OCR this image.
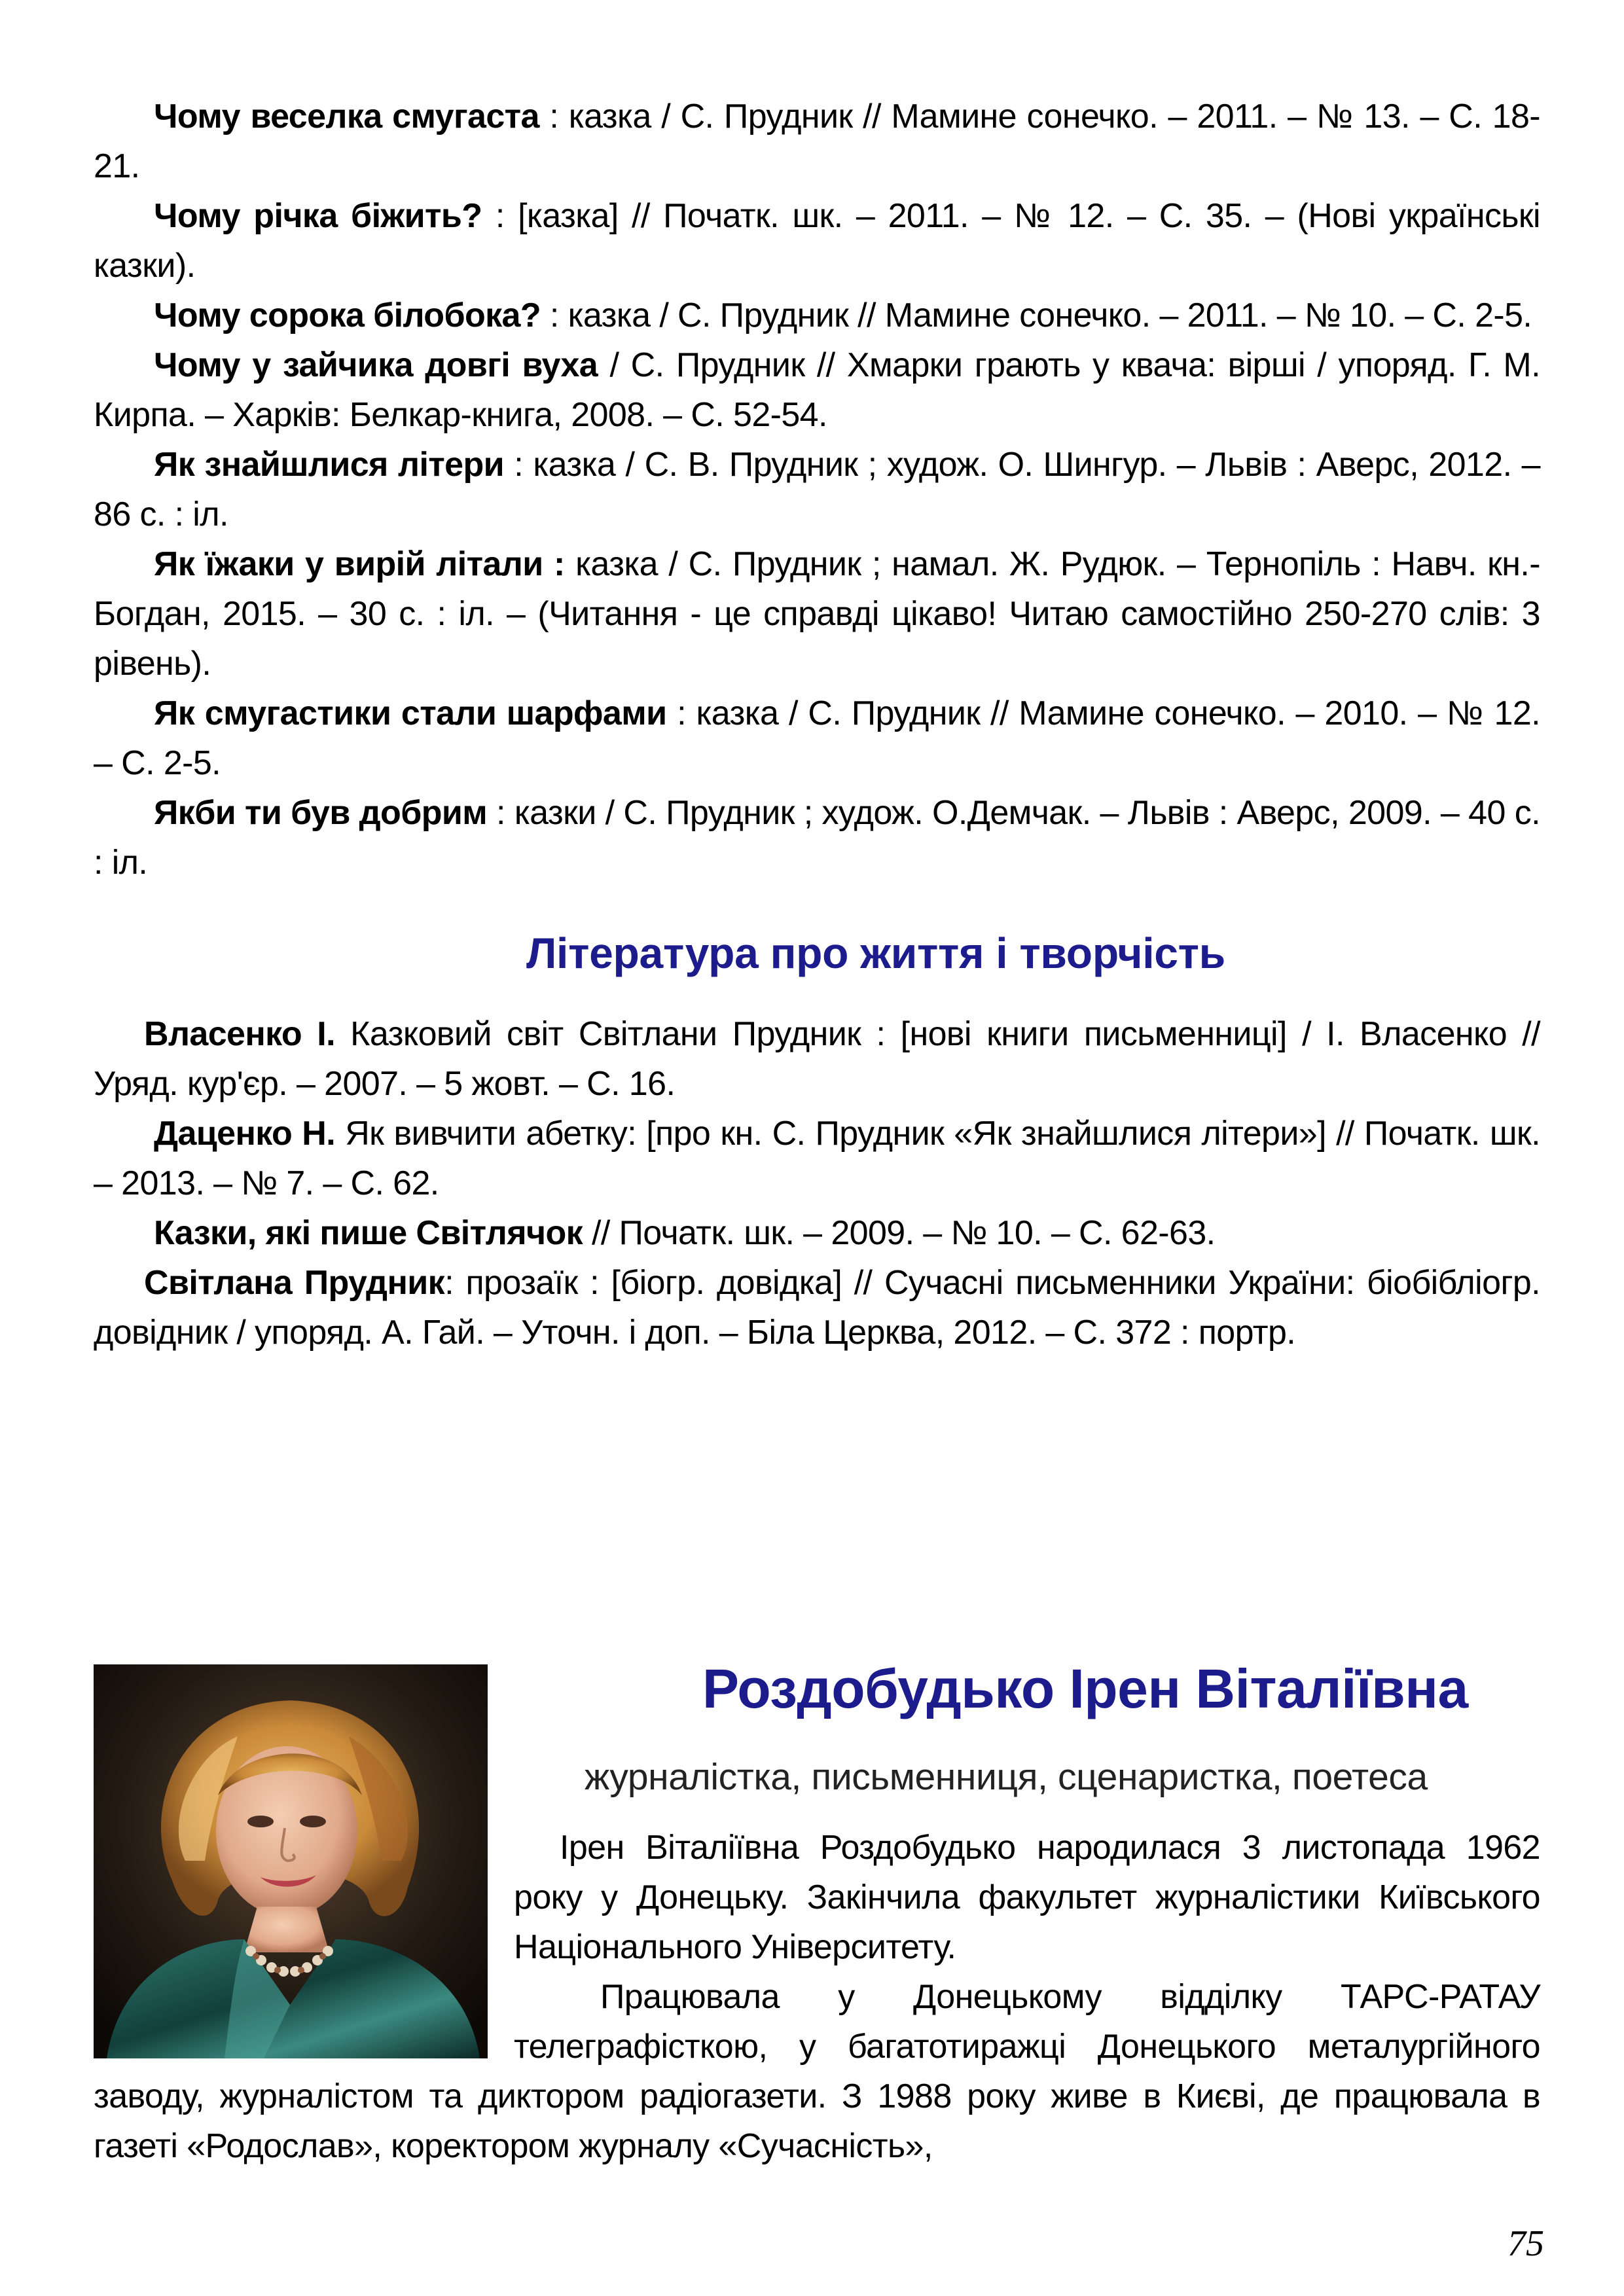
Чому веселка смугаста : казка / С. Прудник // Мамине сонечко. – 2011. – № 13. – С. 18-21.

Чому річка біжить? : [казка] // Початк. шк. – 2011. – № 12. – С. 35. – (Нові українські казки).

Чому сорока білобока? : казка / С. Прудник // Мамине сонечко. – 2011. – № 10. – С. 2-5.

Чому у зайчика довгі вуха / С. Прудник // Хмарки грають у квача: вірші / упоряд. Г. М. Кирпа. – Харків: Белкар-книга, 2008. – С. 52-54.

Як знайшлися літери : казка / С. В. Прудник ; худож. О. Шингур. – Львів : Аверс, 2012. – 86 с. : іл.

Як їжаки у вирій літали : казка / С. Прудник ; намал. Ж. Рудюк. – Тернопіль : Навч. кн.-Богдан, 2015. – 30 с. : іл. – (Читання - це справді цікаво! Читаю самостійно 250-270 слів: 3 рівень).

Як смугастики стали шарфами : казка / С. Прудник // Мамине сонечко. – 2010. – № 12. – С. 2-5.

Якби ти був добрим : казки / С. Прудник ; худож. О.Демчак. – Львів : Аверс, 2009. – 40 с. : іл.

Література про життя і творчість

Власенко І. Казковий світ Світлани Прудник : [нові книги письменниці] / І. Власенко // Уряд. кур'єр. – 2007. – 5 жовт. – С. 16.

Даценко Н. Як вивчити абетку: [про кн. С. Прудник «Як знайшлися літери»] // Початк. шк. – 2013. – № 7. – С. 62.

Казки, які пише Світлячок // Початк. шк. – 2009. – № 10. – С. 62-63.

Світлана Прудник: прозаїк : [біогр. довідка] // Сучасні письменники України: біобібліогр. довідник / упоряд. А. Гай. – Уточн. і доп. – Біла Церква, 2012. – С. 372 : портр.

Роздобудько Ірен Віталіївна
журналістка, письменниця, сценаристка, поетеса

Ірен Віталіївна Роздобудько народилася 3 листопада 1962 року у Донецьку. Закінчила факультет журналістики Київського Національного Університету.

Працювала у Донецькому відділку ТАРС-РАТАУ телеграфісткою, у багатотиражці Донецького металургійного заводу, журналістом та диктором радіогазети. З 1988 року живе в Києві, де працювала в газеті «Родослав», коректором журналу «Сучасність»,

75
